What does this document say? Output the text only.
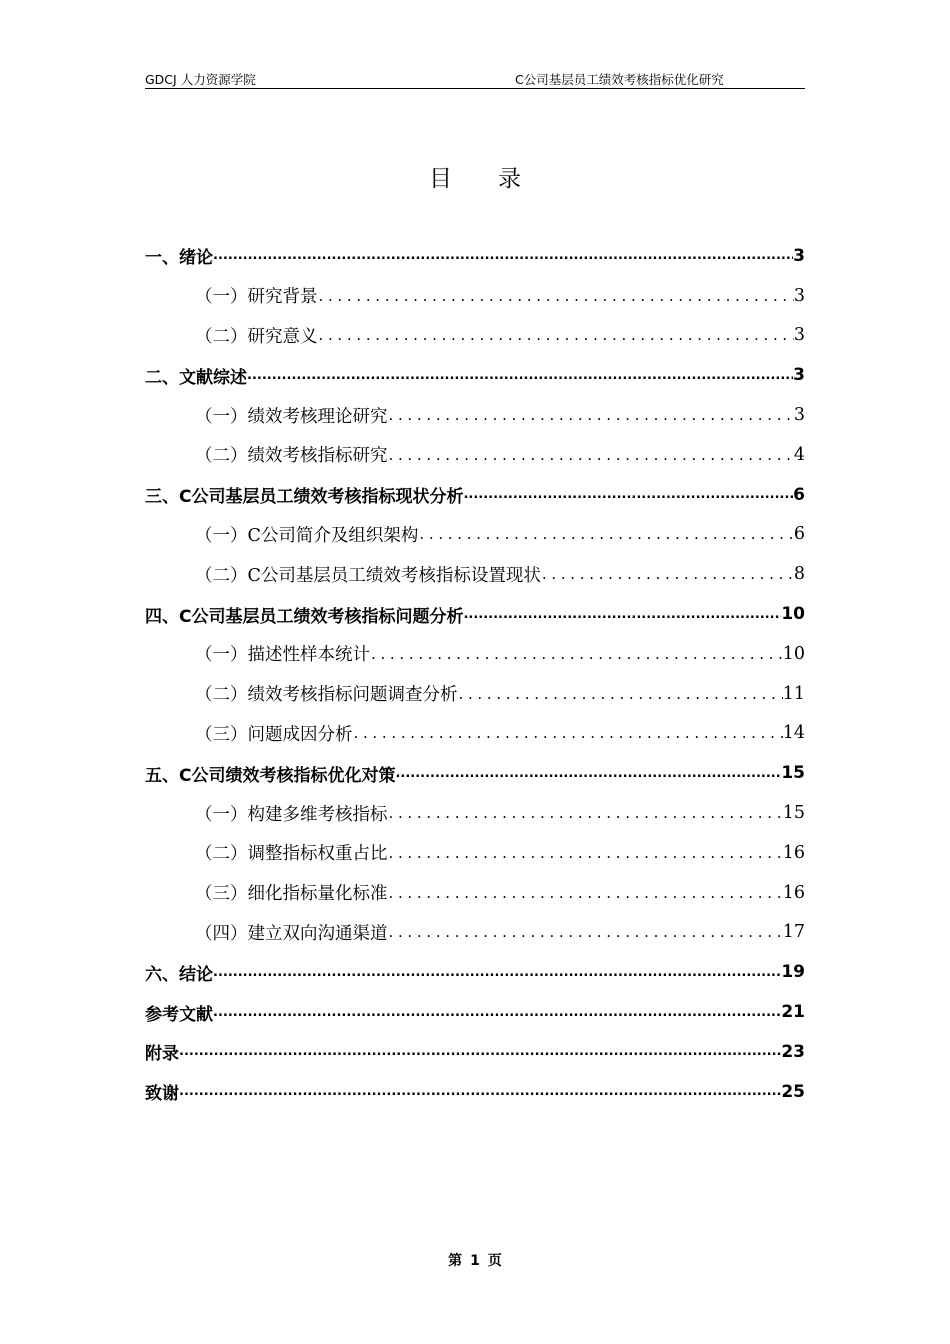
GDCJ 人力资源学院	C公司基层员工绩效考核指标优化研究
目录
一、绪论 .....	3
（一）研究背景 .....	3
（二）研究意义 .....	3
二、文献综述 .....	3
（一）绩效考核理论研究 .....	3
（二）绩效考核指标研究 .....	4
三、C公司基层员工绩效考核指标现状分析 .....	6
（一）C公司简介及组织架构 .....	6
（二）C公司基层员工绩效考核指标设置现状 .....	8
四、C公司基层员工绩效考核指标问题分析 .....	10
（一）描述性样本统计 .....	10
（二）绩效考核指标问题调查分析 .....	11
（三）问题成因分析 .....	14
五、C公司绩效考核指标优化对策 .....	15
（一）构建多维考核指标 .....	15
（二）调整指标权重占比 .....	16
（三）细化指标量化标准 .....	16
（四）建立双向沟通渠道 .....	17
六、结论 .....	19
参考文献 .....	21
附录 .....	23
致谢 .....	25
第 1 页
